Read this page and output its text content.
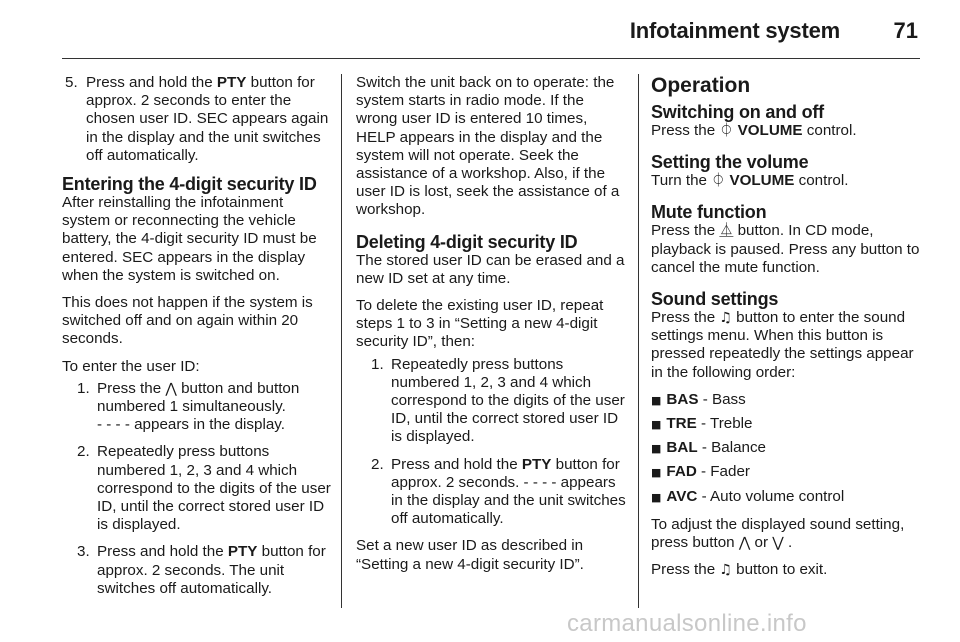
Infotainment system 71
5. Press and hold the PTY button for approx. 2 seconds to enter the chosen user ID. SEC appears again in the display and the unit switches off automatically.
Entering the 4-digit security ID

After reinstalling the infotainment system or reconnecting the vehicle battery, the 4-digit security ID must be entered. SEC appears in the display when the system is switched on.

This does not happen if the system is switched off and on again within 20 seconds.

To enter the user ID:

1. Press the ⋀ button and button numbered 1 simultaneously.
- - - - appears in the display.
2. Repeatedly press buttons numbered 1, 2, 3 and 4 which correspond to the digits of the user ID, until the correct stored user ID is displayed.
3. Press and hold the PTY button for approx. 2 seconds. The unit switches off automatically.

Switch the unit back on to operate: the system starts in radio mode. If the wrong user ID is entered 10 times, HELP appears in the display and the system will not operate. Seek the assistance of a workshop. Also, if the user ID is lost, seek the assistance of a workshop.

Deleting 4-digit security ID

The stored user ID can be erased and a new ID set at any time.

To delete the existing user ID, repeat steps 1 to 3 in “Setting a new 4-digit security ID”, then:

1. Repeatedly press buttons numbered 1, 2, 3 and 4 which correspond to the digits of the user ID, until the correct stored user ID is displayed.
2. Press and hold the PTY button for approx. 2 seconds. - - - - appears in the display and the unit switches off automatically.

Set a new user ID as described in “Setting a new 4-digit security ID”.

Operation
Switching on and off

Press the ⏀ VOLUME control.

Setting the volume

Turn the ⏀ VOLUME control.

Mute function

Press the ⏅ button. In CD mode, playback is paused. Press any button to cancel the mute function.

Sound settings

Press the ♫ button to enter the sound settings menu. When this button is pressed repeatedly the settings appear in the following order:

■ BAS - Bass
■ TRE - Treble
■ BAL - Balance
■ FAD - Fader
■ AVC - Auto volume control

To adjust the displayed sound setting, press button ⋀ or ⋁ .

Press the ♫ button to exit.

carmanualsonline.info
